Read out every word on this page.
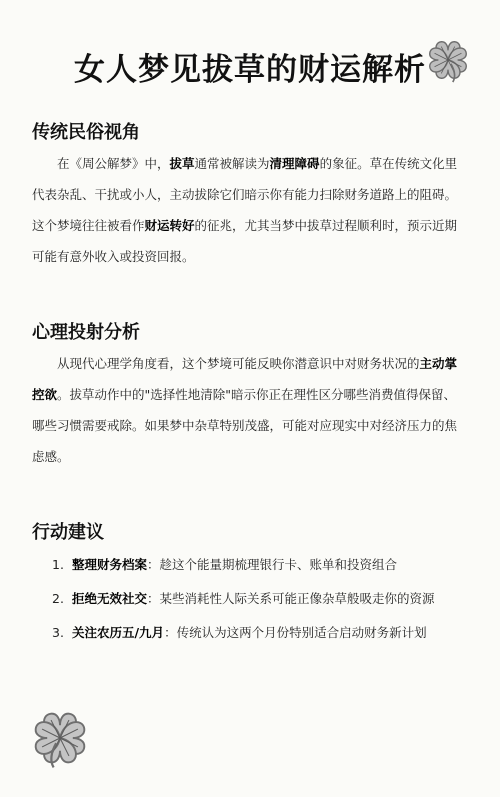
女人梦见拔草的财运解析
传统民俗视角
在《周公解梦》中，拔草通常被解读为清理障碍的象征。草在传统文化里
代表杂乱、干扰或小人，主动拔除它们暗示你有能力扫除财务道路上的阻碍。
这个梦境往往被看作财运转好的征兆，尤其当梦中拔草过程顺利时，预示近期
可能有意外收入或投资回报。
心理投射分析
从现代心理学角度看，这个梦境可能反映你潜意识中对财务状况的主动掌
控欲。拔草动作中的"选择性地清除"暗示你正在理性区分哪些消费值得保留、
哪些习惯需要戒除。如果梦中杂草特别茂盛，可能对应现实中对经济压力的焦
虑感。
行动建议
1. 整理财务档案：趁这个能量期梳理银行卡、账单和投资组合
2. 拒绝无效社交：某些消耗性人际关系可能正像杂草般吸走你的资源
3. 关注农历五/九月：传统认为这两个月份特别适合启动财务新计划
